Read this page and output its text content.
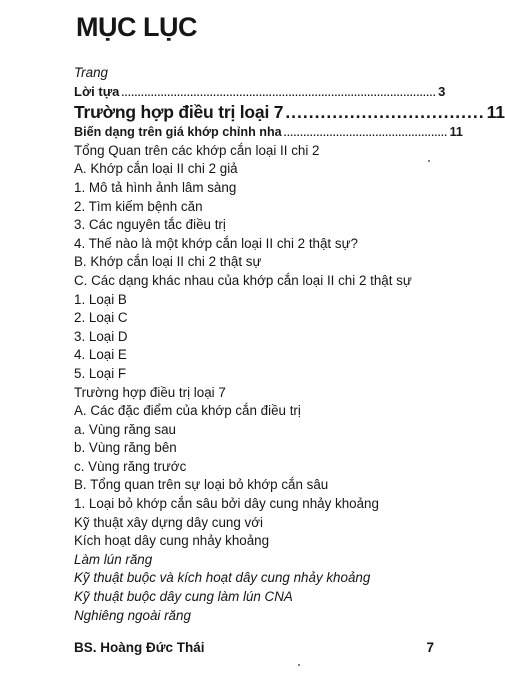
MỤC LỤC
Trang
Lời tựa ................................................................................................ 3
Trường hợp điều trị loại 7 .................................. 11
Biến dạng trên giá khớp chỉnh nha .................................................. 11
Tổng Quan trên các khớp cắn loại II chi 2
A. Khớp cắn loại II chi 2 giả
1. Mô tả hình ảnh lâm sàng
2. Tìm kiếm bệnh căn
3. Các nguyên tắc điều trị
4. Thế nào là một khớp cắn loại II chi 2 thật sự?
B. Khớp cắn loại II chi 2 thật sự
C. Các dạng khác nhau của khớp cắn loại II chi 2 thật sự
1. Loại B
2. Loại C
3. Loại D
4. Loại E
5. Loại F
Trường hợp điều trị loại 7
A. Các đặc điểm của khớp cắn điều trị
a. Vùng răng sau
b. Vùng răng bên
c. Vùng răng trước
B. Tổng quan trên sự loại bỏ khớp cắn sâu
1. Loại bỏ khớp cắn sâu bởi dây cung nhảy khoảng
Kỹ thuật xây dựng dây cung với
Kích hoạt dây cung nhảy khoảng
Làm lún răng
Kỹ thuật buộc và kích hoạt dây cung nhảy khoảng
Kỹ thuật buộc dây cung làm lún CNA
Nghiêng ngoài răng
BS. Hoàng Đức Thái	7
